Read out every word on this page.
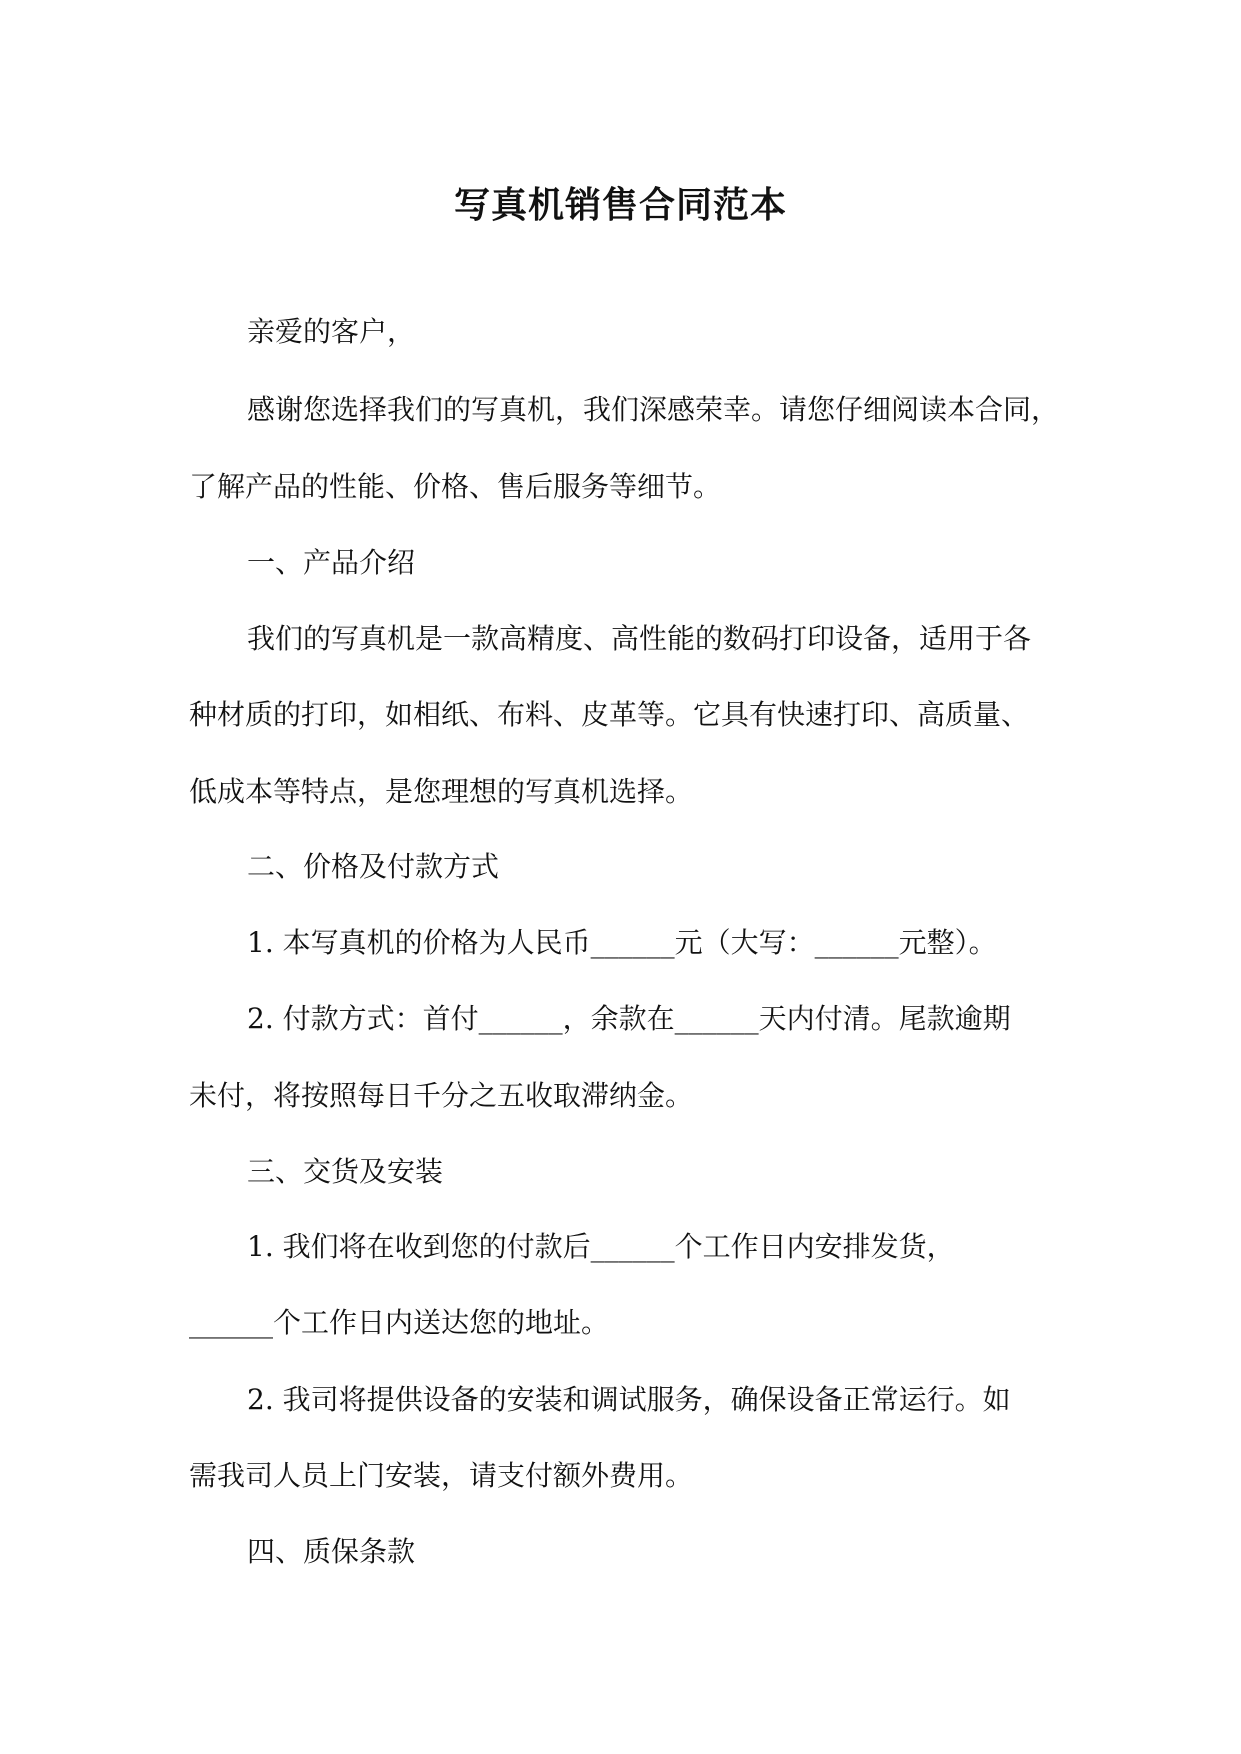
写真机销售合同范本

亲爱的客户，

感谢您选择我们的写真机，我们深感荣幸。请您仔细阅读本合同，

了解产品的性能、价格、售后服务等细节。

一、产品介绍

我们的写真机是一款高精度、高性能的数码打印设备，适用于各

种材质的打印，如相纸、布料、皮革等。它具有快速打印、高质量、

低成本等特点，是您理想的写真机选择。

二、价格及付款方式

1. 本写真机的价格为人民币______元（大写：______元整）。

2. 付款方式：首付______，余款在______天内付清。尾款逾期

未付，将按照每日千分之五收取滞纳金。

三、交货及安装

1. 我们将在收到您的付款后______个工作日内安排发货，

______个工作日内送达您的地址。

2. 我司将提供设备的安装和调试服务，确保设备正常运行。如

需我司人员上门安装，请支付额外费用。

四、质保条款
